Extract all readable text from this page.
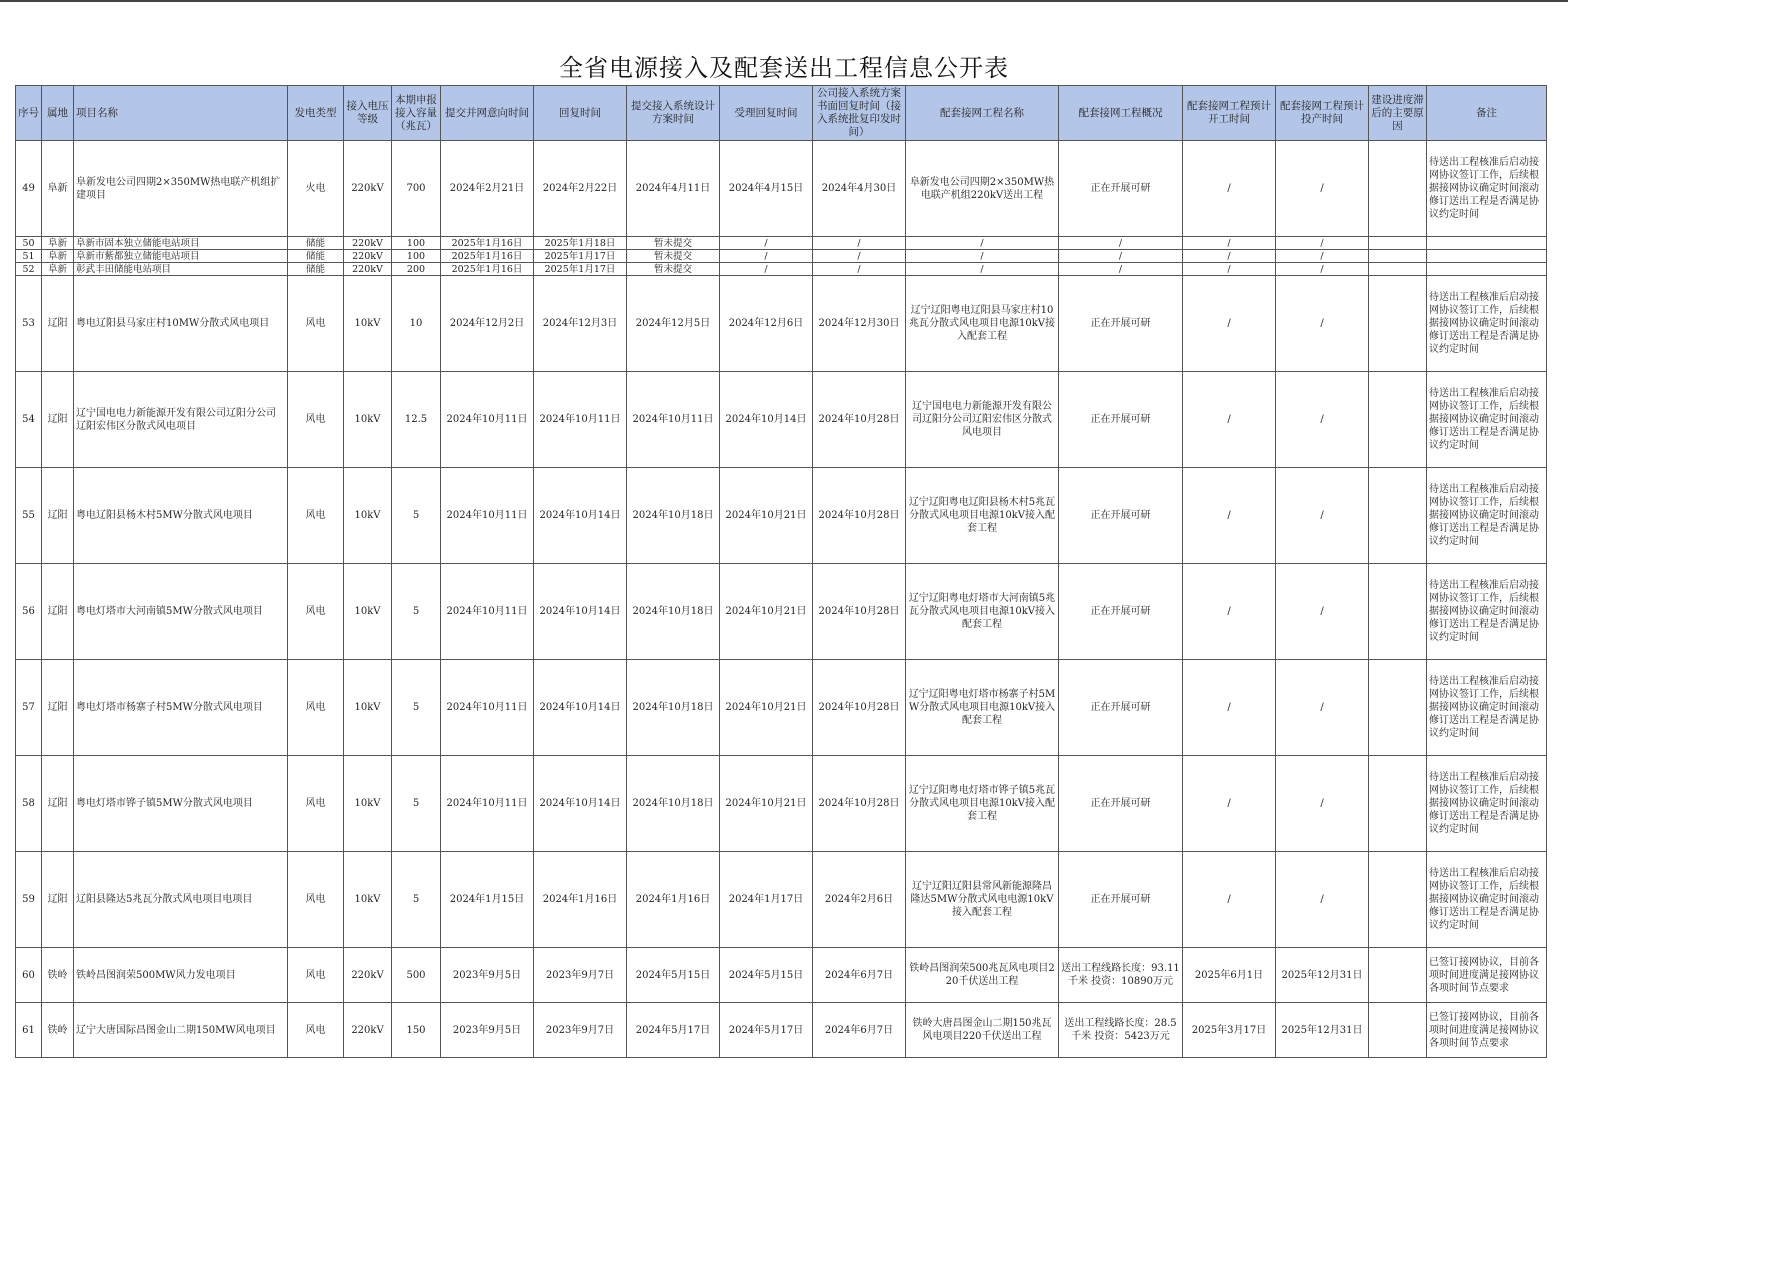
全省电源接入及配套送出工程信息公开表
序号	属地	项目名称	发电类型	接入电压等级	本期申报接入容量（兆瓦）	提交并网意向时间	回复时间	提交接入系统设计方案时间	受理回复时间	公司接入系统方案书面回复时间（接入系统批复印发时间）	配套接网工程名称	配套接网工程概况	配套接网工程预计开工时间	配套接网工程预计投产时间	建设进度滞后的主要原因	备注
49	阜新	阜新发电公司四期2×350MW热电联产机组扩建项目	火电	220kV	700	2024年2月21日	2024年2月22日	2024年4月11日	2024年4月15日	2024年4月30日	阜新发电公司四期2×350MW热电联产机组220kV送出工程	正在开展可研	/	/		待送出工程核准后启动接网协议签订工作，后续根据接网协议确定时间滚动修订送出工程是否满足协议约定时间
50	阜新	阜新市固本独立储能电站项目	储能	220kV	100	2025年1月16日	2025年1月18日	暂未提交	/	/	/	/	/	/		
51	阜新	阜新市紫都独立储能电站项目	储能	220kV	100	2025年1月16日	2025年1月17日	暂未提交	/	/	/	/	/	/		
52	阜新	彰武丰田储能电站项目	储能	220kV	200	2025年1月16日	2025年1月17日	暂未提交	/	/	/	/	/	/		
53	辽阳	粤电辽阳县马家庄村10MW分散式风电项目	风电	10kV	10	2024年12月2日	2024年12月3日	2024年12月5日	2024年12月6日	2024年12月30日	辽宁辽阳粤电辽阳县马家庄村10兆瓦分散式风电项目电源10kV接入配套工程	正在开展可研	/	/		待送出工程核准后启动接网协议签订工作，后续根据接网协议确定时间滚动修订送出工程是否满足协议约定时间
54	辽阳	辽宁国电电力新能源开发有限公司辽阳分公司辽阳宏伟区分散式风电项目	风电	10kV	12.5	2024年10月11日	2024年10月11日	2024年10月11日	2024年10月14日	2024年10月28日	辽宁国电电力新能源开发有限公司辽阳分公司辽阳宏伟区分散式风电项目	正在开展可研	/	/		待送出工程核准后启动接网协议签订工作，后续根据接网协议确定时间滚动修订送出工程是否满足协议约定时间
55	辽阳	粤电辽阳县杨木村5MW分散式风电项目	风电	10kV	5	2024年10月11日	2024年10月14日	2024年10月18日	2024年10月21日	2024年10月28日	辽宁辽阳粤电辽阳县杨木村5兆瓦分散式风电项目电源10kV接入配套工程	正在开展可研	/	/		待送出工程核准后启动接网协议签订工作，后续根据接网协议确定时间滚动修订送出工程是否满足协议约定时间
56	辽阳	粤电灯塔市大河南镇5MW分散式风电项目	风电	10kV	5	2024年10月11日	2024年10月14日	2024年10月18日	2024年10月21日	2024年10月28日	辽宁辽阳粤电灯塔市大河南镇5兆瓦分散式风电项目电源10kV接入配套工程	正在开展可研	/	/		待送出工程核准后启动接网协议签订工作，后续根据接网协议确定时间滚动修订送出工程是否满足协议约定时间
57	辽阳	粤电灯塔市杨寨子村5MW分散式风电项目	风电	10kV	5	2024年10月11日	2024年10月14日	2024年10月18日	2024年10月21日	2024年10月28日	辽宁辽阳粤电灯塔市杨寨子村5MW分散式风电项目电源10kV接入配套工程	正在开展可研	/	/		待送出工程核准后启动接网协议签订工作，后续根据接网协议确定时间滚动修订送出工程是否满足协议约定时间
58	辽阳	粤电灯塔市铧子镇5MW分散式风电项目	风电	10kV	5	2024年10月11日	2024年10月14日	2024年10月18日	2024年10月21日	2024年10月28日	辽宁辽阳粤电灯塔市铧子镇5兆瓦分散式风电项目电源10kV接入配套工程	正在开展可研	/	/		待送出工程核准后启动接网协议签订工作，后续根据接网协议确定时间滚动修订送出工程是否满足协议约定时间
59	辽阳	辽阳县隆达5兆瓦分散式风电项目电项目	风电	10kV	5	2024年1月15日	2024年1月16日	2024年1月16日	2024年1月17日	2024年2月6日	辽宁辽阳辽阳县常风新能源隆昌隆达5MW分散式风电电源10kV接入配套工程	正在开展可研	/	/		待送出工程核准后启动接网协议签订工作，后续根据接网协议确定时间滚动修订送出工程是否满足协议约定时间
60	铁岭	铁岭昌图润荣500MW风力发电项目	风电	220kV	500	2023年9月5日	2023年9月7日	2024年5月15日	2024年5月15日	2024年6月7日	铁岭昌图润荣500兆瓦风电项目220千伏送出工程	送出工程线路长度：93.11千米 投资：10890万元	2025年6月1日	2025年12月31日		已签订接网协议，目前各项时间进度满足接网协议各项时间节点要求
61	铁岭	辽宁大唐国际昌图金山二期150MW风电项目	风电	220kV	150	2023年9月5日	2023年9月7日	2024年5月17日	2024年5月17日	2024年6月7日	铁岭大唐昌图金山二期150兆瓦风电项目220千伏送出工程	送出工程线路长度：28.5千米 投资：5423万元	2025年3月17日	2025年12月31日		已签订接网协议，目前各项时间进度满足接网协议各项时间节点要求
